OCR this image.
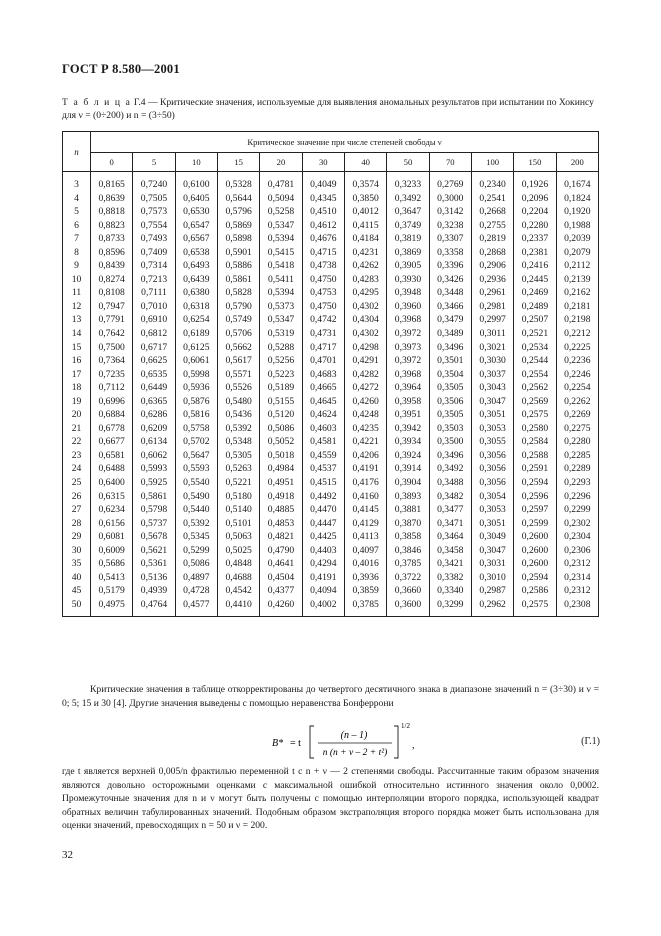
ГОСТ Р 8.580—2001
Т а б л и ц а Г.4 — Критические значения, используемые для выявления аномальных результатов при испытании по Хокинсу для ν = (0÷200) и n = (3÷50)
n	Критическое значение при числе степеней свободы ν											
	0	5	10	15	20	30	40	50	70	100	150	200
3	0,8165	0,7240	0,6100	0,5328	0,4781	0,4049	0,3574	0,3233	0,2769	0,2340	0,1926	0,1674
4	0,8639	0,7505	0,6405	0,5644	0,5094	0,4345	0,3850	0,3492	0,3000	0,2541	0,2096	0,1824
5	0,8818	0,7573	0,6530	0,5796	0,5258	0,4510	0,4012	0,3647	0,3142	0,2668	0,2204	0,1920
6	0,8823	0,7554	0,6547	0,5869	0,5347	0,4612	0,4115	0,3749	0,3238	0,2755	0,2280	0,1988
7	0,8733	0,7493	0,6567	0,5898	0,5394	0,4676	0,4184	0,3819	0,3307	0,2819	0,2337	0,2039
8	0,8596	0,7409	0,6538	0,5901	0,5415	0,4715	0,4231	0,3869	0,3358	0,2868	0,2381	0,2079
9	0,8439	0,7314	0,6493	0,5886	0,5418	0,4738	0,4262	0,3905	0,3396	0,2906	0,2416	0,2112
10	0,8274	0,7213	0,6439	0,5861	0,5411	0,4750	0,4283	0,3930	0,3426	0,2936	0,2445	0,2139
11	0,8108	0,7111	0,6380	0,5828	0,5394	0,4753	0,4295	0,3948	0,3448	0,2961	0,2469	0,2162
12	0,7947	0,7010	0,6318	0,5790	0,5373	0,4750	0,4302	0,3960	0,3466	0,2981	0,2489	0,2181
13	0,7791	0,6910	0,6254	0,5749	0,5347	0,4742	0,4304	0,3968	0,3479	0,2997	0,2507	0,2198
14	0,7642	0,6812	0,6189	0,5706	0,5319	0,4731	0,4302	0,3972	0,3489	0,3011	0,2521	0,2212
15	0,7500	0,6717	0,6125	0,5662	0,5288	0,4717	0,4298	0,3973	0,3496	0,3021	0,2534	0,2225
16	0,7364	0,6625	0,6061	0,5617	0,5256	0,4701	0,4291	0,3972	0,3501	0,3030	0,2544	0,2236
17	0,7235	0,6535	0,5998	0,5571	0,5223	0,4683	0,4282	0,3968	0,3504	0,3037	0,2554	0,2246
18	0,7112	0,6449	0,5936	0,5526	0,5189	0,4665	0,4272	0,3964	0,3505	0,3043	0,2562	0,2254
19	0,6996	0,6365	0,5876	0,5480	0,5155	0,4645	0,4260	0,3958	0,3506	0,3047	0,2569	0,2262
20	0,6884	0,6286	0,5816	0,5436	0,5120	0,4624	0,4248	0,3951	0,3505	0,3051	0,2575	0,2269
21	0,6778	0,6209	0,5758	0,5392	0,5086	0,4603	0,4235	0,3942	0,3503	0,3053	0,2580	0,2275
22	0,6677	0,6134	0,5702	0,5348	0,5052	0,4581	0,4221	0,3934	0,3500	0,3055	0,2584	0,2280
23	0,6581	0,6062	0,5647	0,5305	0,5018	0,4559	0,4206	0,3924	0,3496	0,3056	0,2588	0,2285
24	0,6488	0,5993	0,5593	0,5263	0,4984	0,4537	0,4191	0,3914	0,3492	0,3056	0,2591	0,2289
25	0,6400	0,5925	0,5540	0,5221	0,4951	0,4515	0,4176	0,3904	0,3488	0,3056	0,2594	0,2293
26	0,6315	0,5861	0,5490	0,5180	0,4918	0,4492	0,4160	0,3893	0,3482	0,3054	0,2596	0,2296
27	0,6234	0,5798	0,5440	0,5140	0,4885	0,4470	0,4145	0,3881	0,3477	0,3053	0,2597	0,2299
28	0,6156	0,5737	0,5392	0,5101	0,4853	0,4447	0,4129	0,3870	0,3471	0,3051	0,2599	0,2302
29	0,6081	0,5678	0,5345	0,5063	0,4821	0,4425	0,4113	0,3858	0,3464	0,3049	0,2600	0,2304
30	0,6009	0,5621	0,5299	0,5025	0,4790	0,4403	0,4097	0,3846	0,3458	0,3047	0,2600	0,2306
35	0,5686	0,5361	0,5086	0,4848	0,4641	0,4294	0,4016	0,3785	0,3421	0,3031	0,2600	0,2312
40	0,5413	0,5136	0,4897	0,4688	0,4504	0,4191	0,3936	0,3722	0,3382	0,3010	0,2594	0,2314
45	0,5179	0,4939	0,4728	0,4542	0,4377	0,4094	0,3859	0,3660	0,3340	0,2987	0,2586	0,2312
50	0,4975	0,4764	0,4577	0,4410	0,4260	0,4002	0,3785	0,3600	0,3299	0,2962	0,2575	0,2308
Критические значения в таблице откорректированы до четвертого десятичного знака в диапазоне значений n = (3÷30) и ν = 0; 5; 15 и 30 [4]. Другие значения выведены с помощью неравенства Бонферрони
B* = t
(n – 1)
n (n + ν – 2 + t²)
1/2
,	(Г.1)
где t является верхней 0,005/n фрактилью переменной t с n + ν — 2 степенями свободы. Рассчитанные таким образом значения являются довольно осторожными оценками с максимальной ошибкой относительно истинного значения около 0,0002. Промежуточные значения для n и ν могут быть получены с помощью интерполяции второго порядка, использующей квадрат обратных величин табулированных значений. Подобным образом экстраполяция второго порядка может быть использована для оценки значений, превосходящих n = 50 и ν = 200.
32
